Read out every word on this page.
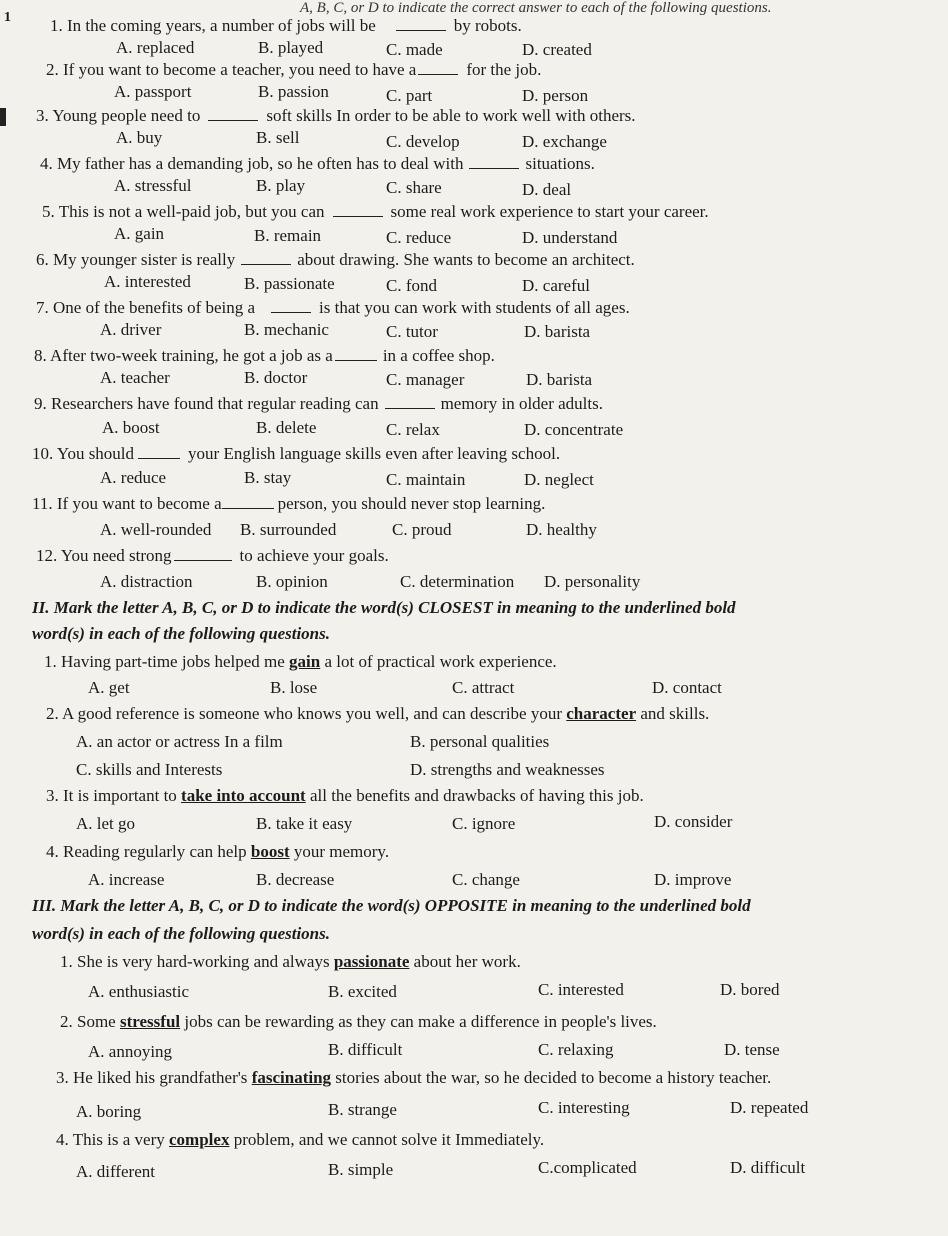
A, B, C, or D to indicate the correct answer to each of the following questions.
1 1. In the coming years, a number of jobs will be	by robots.
A. replaced	B. played	C. made	D. created
2. If you want to become a teacher, you need to have a	for the job.
A. passport	B. passion	C. part	D. person
3. Young people need to	soft skills In order to be able to work well with others.
A. buy	B. sell	C. develop	D. exchange
4. My father has a demanding job, so he often has to deal with	situations.
A. stressful	B. play	C. share	D. deal
5. This is not a well-paid job, but you can	some real work experience to start your career.
A. gain	B. remain	C. reduce	D. understand
6. My younger sister is really	about drawing. She wants to become an architect.
A. interested	B. passionate	C. fond	D. careful
7. One of the benefits of being a	is that you can work with students of all ages.
A. driver	B. mechanic	C. tutor	D. barista
8. After two-week training, he got a job as a	in a coffee shop.
A. teacher	B. doctor	C. manager	D. barista
9. Researchers have found that regular reading can	memory in older adults.
A. boost	B. delete	C. relax	D. concentrate
10. You should	your English language skills even after leaving school.
A. reduce	B. stay	C. maintain	D. neglect
11. If you want to become a	person, you should never stop learning.
A. well-rounded B. surrounded	C. proud	D. healthy
12. You need strong	to achieve your goals.
A. distraction	B. opinion	C. determination D. personality
II. Mark the letter A, B, C, or D to indicate the word(s) CLOSEST in meaning to the underlined bold
word(s) in each of the following questions.
1. Having part-time jobs helped me gain a lot of practical work experience.
A. get	B. lose	C. attract	D. contact
2. A good reference is someone who knows you well, and can describe your character and skills.
A. an actor or actress In a film	B. personal qualities
C. skills and Interests	D. strengths and weaknesses
3. It is important to take into account all the benefits and drawbacks of having this job.
A. let go	B. take it easy	C. ignore	D. consider
4. Reading regularly can help boost your memory.
A. increase	B. decrease	C. change	D. improve
III. Mark the letter A, B, C, or D to indicate the word(s) OPPOSITE in meaning to the underlined bold
word(s) in each of the following questions.
1. She is very hard-working and always passionate about her work.
A. enthusiastic	B. excited	C. interested	D. bored
2. Some stressful jobs can be rewarding as they can make a difference in people's lives.
A. annoying	B. difficult	C. relaxing	D. tense
3. He liked his grandfather's fascinating stories about the war, so he decided to become a history teacher.
A. boring	B. strange	C. interesting	D. repeated
4. This is a very complex problem, and we cannot solve it Immediately.
A. different	B. simple	C.complicated	D. difficult
